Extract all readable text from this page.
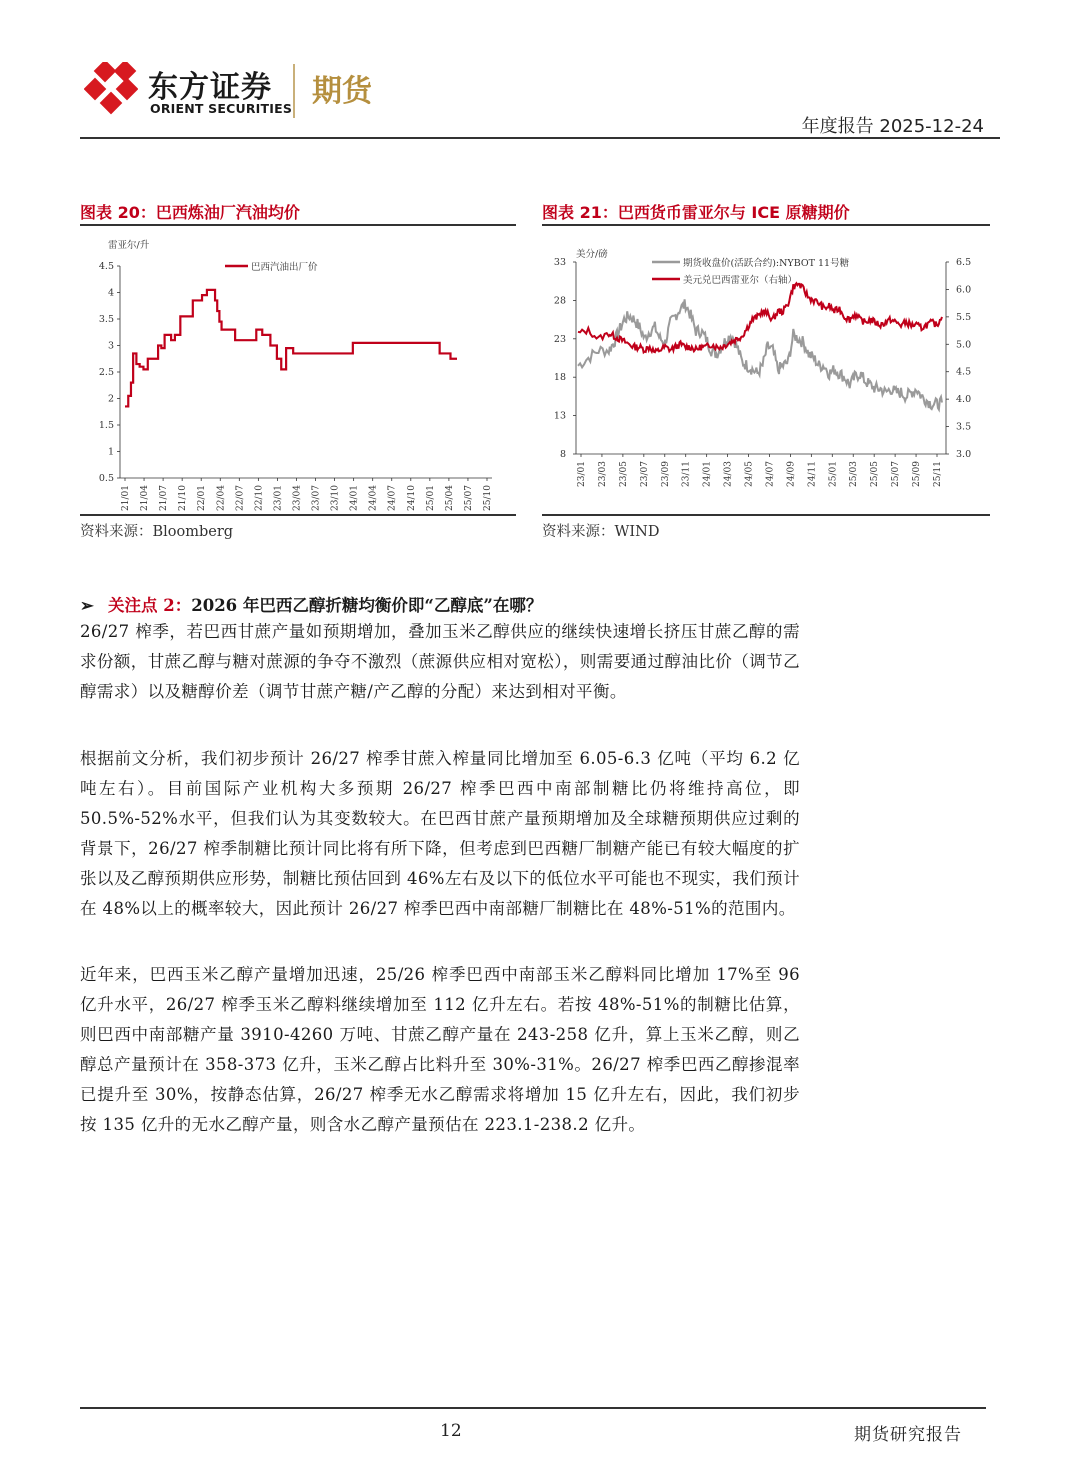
东方证券
ORIENT SECURITIES 期货
年度报告 2025-12-24
图表 20：巴西炼油厂汽油均价
雷亚尔/升
4.5
4
3.5
3
2.5
2
1.5
1
0.5
21/01 21/04 21/07 21/10 22/01 22/04 22/07 22/10 23/01 23/04 23/07 23/10 24/01 24/04 24/07 24/10 25/01 25/04 25/07 25/10
巴西汽油出厂价
资料来源：Bloomberg
图表 21：巴西货币雷亚尔与 ICE 原糖期价
美分/磅
33
28
23
18
13
8
6.5
6.0
5.5
5.0
4.5
4.0
3.5
3.0
23/01 23/03 23/05 23/07 23/09 23/11 24/01 24/03 24/05 24/07 24/09 24/11 25/01 25/03 25/05 25/07 25/09 25/11
期货收盘价(活跃合约):NYBOT 11号糖
美元兑巴西雷亚尔（右轴）
资料来源：WIND
➢ 关注点 2：2026 年巴西乙醇折糖均衡价即“乙醇底”在哪？

26/27 榨季，若巴西甘蔗产量如预期增加，叠加玉米乙醇供应的继续快速增长挤压甘蔗乙醇的需求份额，甘蔗乙醇与糖对蔗源的争夺不激烈（蔗源供应相对宽松），则需要通过醇油比价（调节乙醇需求）以及糖醇价差（调节甘蔗产糖/产乙醇的分配）来达到相对平衡。

根据前文分析，我们初步预计 26/27 榨季甘蔗入榨量同比增加至 6.05-6.3 亿吨（平均 6.2 亿吨左右）。目前国际产业机构大多预期 26/27 榨季巴西中南部制糖比仍将维持高位，即 50.5%-52%水平，但我们认为其变数较大。在巴西甘蔗产量预期增加及全球糖预期供应过剩的背景下，26/27 榨季制糖比预计同比将有所下降，但考虑到巴西糖厂制糖产能已有较大幅度的扩张以及乙醇预期供应形势，制糖比预估回到 46%左右及以下的低位水平可能也不现实，我们预计在 48%以上的概率较大，因此预计 26/27 榨季巴西中南部糖厂制糖比在 48%-51%的范围内。

近年来，巴西玉米乙醇产量增加迅速，25/26 榨季巴西中南部玉米乙醇料同比增加 17%至 96 亿升水平，26/27 榨季玉米乙醇料继续增加至 112 亿升左右。若按 48%-51%的制糖比估算，则巴西中南部糖产量 3910-4260 万吨、甘蔗乙醇产量在 243-258 亿升，算上玉米乙醇，则乙醇总产量预计在 358-373 亿升，玉米乙醇占比料升至 30%-31%。26/27 榨季巴西乙醇掺混率已提升至 30%，按静态估算，26/27 榨季无水乙醇需求将增加 15 亿升左右，因此，我们初步按 135 亿升的无水乙醇产量，则含水乙醇产量预估在 223.1-238.2 亿升。

12	期货研究报告
